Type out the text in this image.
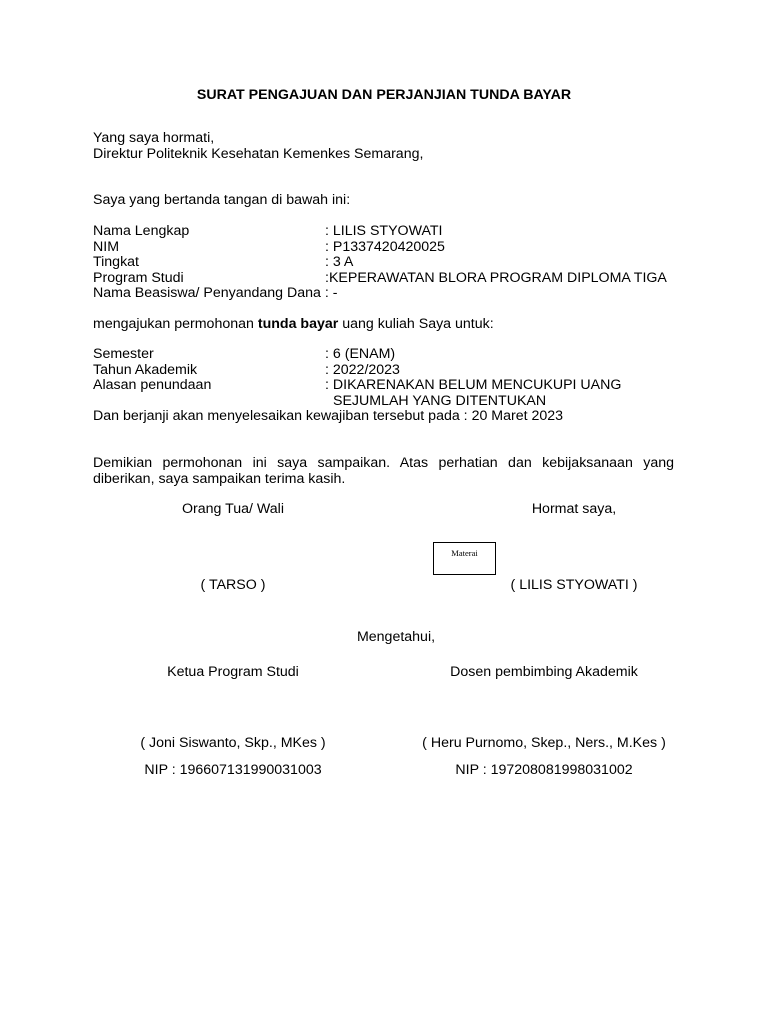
SURAT PENGAJUAN DAN PERJANJIAN TUNDA BAYAR
Yang saya hormati,
Direktur Politeknik Kesehatan Kemenkes Semarang,
Saya yang bertanda tangan di bawah ini:
Nama Lengkap	: LILIS STYOWATI
NIM	: P1337420420025
Tingkat	: 3 A
Program Studi	:KEPERAWATAN BLORA PROGRAM DIPLOMA TIGA
Nama Beasiswa/ Penyandang Dana : -
mengajukan permohonan tunda bayar uang kuliah Saya untuk:
Semester	: 6 (ENAM)
Tahun Akademik	: 2022/2023
Alasan penundaan	: DIKARENAKAN BELUM MENCUKUPI UANG
SEJUMLAH YANG DITENTUKAN
Dan berjanji akan menyelesaikan kewajiban tersebut pada : 20 Maret 2023
Demikian permohonan ini saya sampaikan. Atas perhatian dan kebijaksanaan yang diberikan, saya sampaikan terima kasih.
Orang Tua/ Wali	Hormat saya,
Materai
( TARSO )	( LILIS STYOWATI )
Mengetahui,
Ketua Program Studi	Dosen pembimbing Akademik
( Joni Siswanto, Skp., MKes )	( Heru Purnomo, Skep., Ners., M.Kes )
NIP : 196607131990031003	NIP : 197208081998031002
